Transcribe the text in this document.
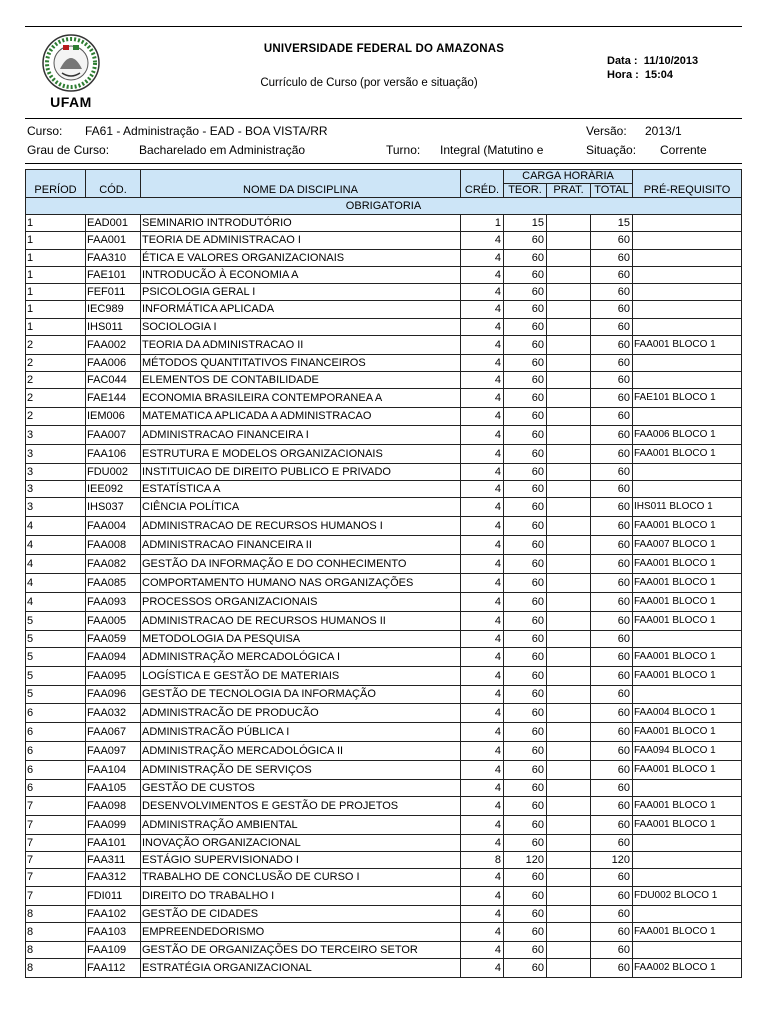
UFAM
UNIVERSIDADE FEDERAL DO AMAZONAS
Currículo de Curso (por versão e situação)
Data : 11/10/2013
Hora : 15:04
Curso: FA61 - Administração - EAD - BOA VISTA/RR	Versão: 2013/1
Grau de Curso: Bacharelado em Administração	Turno: Integral (Matutino e	Situação: Corrente
PERÍOD	CÓD.	NOME DA DISCIPLINA	CRÉD.	CARGA HORÁRIA			PRÉ-REQUISITO
				TEOR.	PRAT.	TOTAL	
OBRIGATORIA							
1	EAD001	SEMINARIO INTRODUTÓRIO	1	15		15	
1	FAA001	TEORIA DE ADMINISTRACAO I	4	60		60	
1	FAA310	ÉTICA E VALORES ORGANIZACIONAIS	4	60		60	
1	FAE101	INTRODUCÃO À ECONOMIA A	4	60		60	
1	FEF011	PSICOLOGIA GERAL I	4	60		60	
1	IEC989	INFORMÁTICA APLICADA	4	60		60	
1	IHS011	SOCIOLOGIA I	4	60		60	
2	FAA002	TEORIA DA ADMINISTRACAO II	4	60		60	FAA001 BLOCO 1
2	FAA006	MÉTODOS QUANTITATIVOS FINANCEIROS	4	60		60	
2	FAC044	ELEMENTOS DE CONTABILIDADE	4	60		60	
2	FAE144	ECONOMIA BRASILEIRA CONTEMPORANEA A	4	60		60	FAE101 BLOCO 1
2	IEM006	MATEMATICA APLICADA A ADMINISTRACAO	4	60		60	
3	FAA007	ADMINISTRACAO FINANCEIRA I	4	60		60	FAA006 BLOCO 1
3	FAA106	ESTRUTURA E MODELOS ORGANIZACIONAIS	4	60		60	FAA001 BLOCO 1
3	FDU002	INSTITUICAO DE DIREITO PUBLICO E PRIVADO	4	60		60	
3	IEE092	ESTATÍSTICA A	4	60		60	
3	IHS037	CIÊNCIA POLÍTICA	4	60		60	IHS011 BLOCO 1
4	FAA004	ADMINISTRACAO DE RECURSOS HUMANOS I	4	60		60	FAA001 BLOCO 1
4	FAA008	ADMINISTRACAO FINANCEIRA II	4	60		60	FAA007 BLOCO 1
4	FAA082	GESTÃO DA INFORMAÇÃO E DO CONHECIMENTO	4	60		60	FAA001 BLOCO 1
4	FAA085	COMPORTAMENTO HUMANO NAS ORGANIZAÇÕES	4	60		60	FAA001 BLOCO 1
4	FAA093	PROCESSOS ORGANIZACIONAIS	4	60		60	FAA001 BLOCO 1
5	FAA005	ADMINISTRACAO DE RECURSOS HUMANOS II	4	60		60	FAA001 BLOCO 1
5	FAA059	METODOLOGIA DA PESQUISA	4	60		60	
5	FAA094	ADMINISTRAÇÃO MERCADOLÓGICA I	4	60		60	FAA001 BLOCO 1
5	FAA095	LOGÍSTICA E GESTÃO DE MATERIAIS	4	60		60	FAA001 BLOCO 1
5	FAA096	GESTÃO DE TECNOLOGIA DA INFORMAÇÃO	4	60		60	
6	FAA032	ADMINISTRACÃO DE PRODUCÃO	4	60		60	FAA004 BLOCO 1
6	FAA067	ADMINISTRACÃO PÚBLICA I	4	60		60	FAA001 BLOCO 1
6	FAA097	ADMINISTRAÇÃO MERCADOLÓGICA II	4	60		60	FAA094 BLOCO 1
6	FAA104	ADMINISTRAÇÃO DE SERVIÇOS	4	60		60	FAA001 BLOCO 1
6	FAA105	GESTÃO DE CUSTOS	4	60		60	
7	FAA098	DESENVOLVIMENTOS E GESTÃO DE PROJETOS	4	60		60	FAA001 BLOCO 1
7	FAA099	ADMINISTRAÇÃO AMBIENTAL	4	60		60	FAA001 BLOCO 1
7	FAA101	INOVAÇÃO ORGANIZACIONAL	4	60		60	
7	FAA311	ESTÁGIO SUPERVISIONADO I	8	120		120	
7	FAA312	TRABALHO DE CONCLUSÃO DE CURSO I	4	60		60	
7	FDI011	DIREITO DO TRABALHO I	4	60		60	FDU002 BLOCO 1
8	FAA102	GESTÃO DE CIDADES	4	60		60	
8	FAA103	EMPREENDEDORISMO	4	60		60	FAA001 BLOCO 1
8	FAA109	GESTÃO DE ORGANIZAÇÕES DO TERCEIRO SETOR	4	60		60	
8	FAA112	ESTRATÉGIA ORGANIZACIONAL	4	60		60	FAA002 BLOCO 1
